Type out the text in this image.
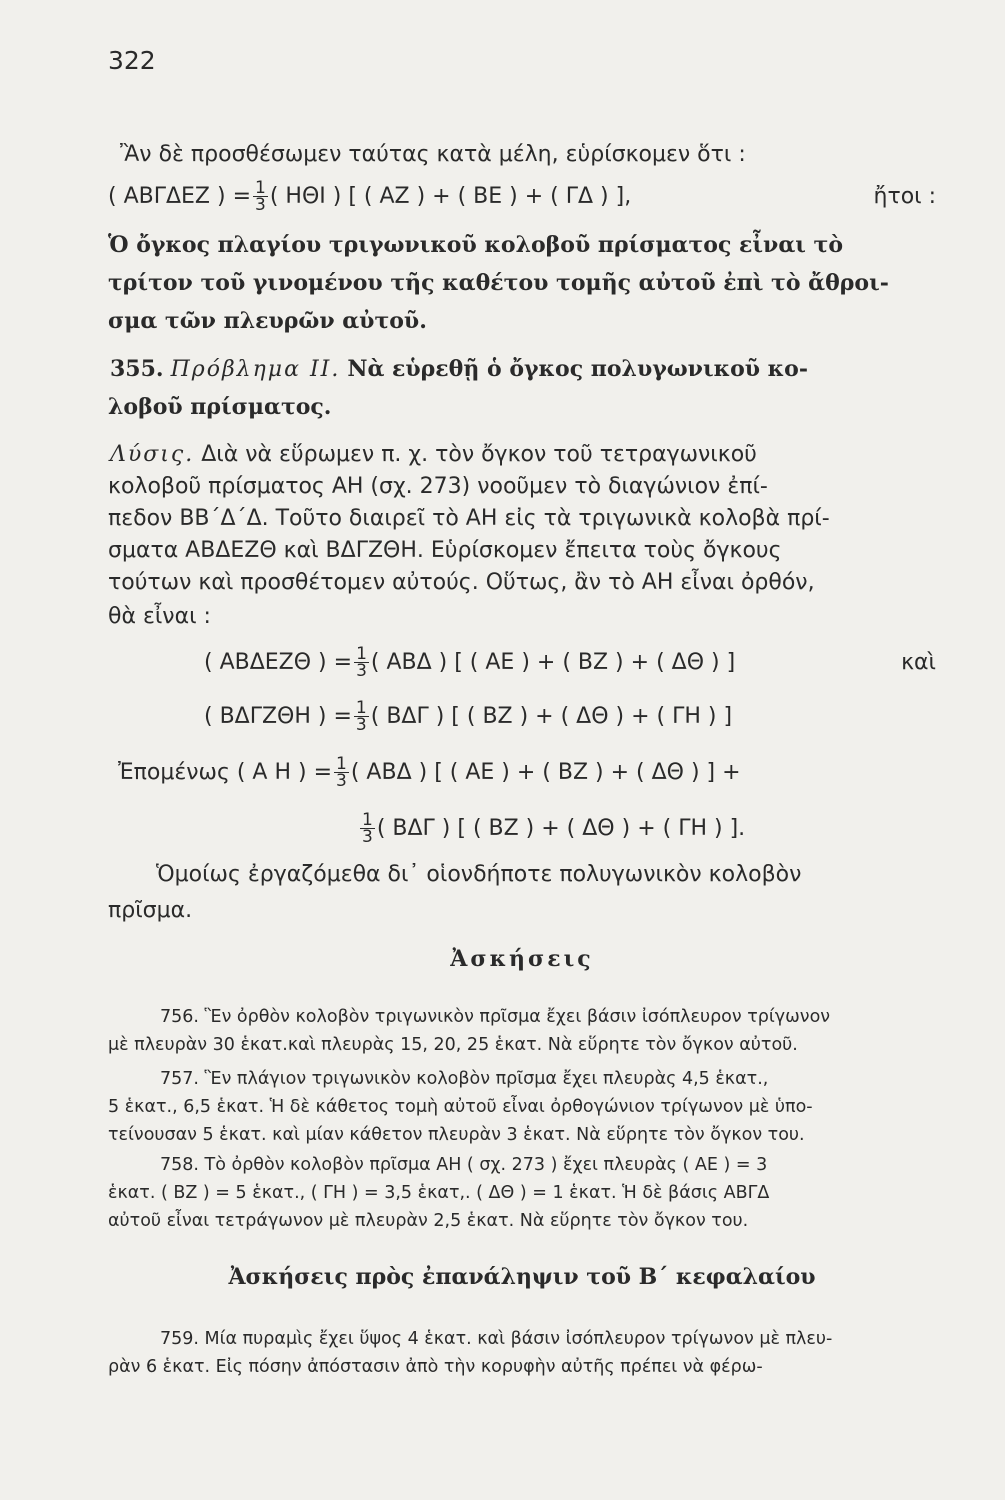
322
Ἂν δὲ προσθέσωμεν ταύτας κατὰ μέλη, εὑρίσκομεν ὅτι :
( ΑΒΓΔΕΖ ) = $\frac{1}{3}$ ( ΗΘΙ ) [ ( ΑΖ ) + ( ΒΕ ) + ( ΓΔ ) ],	ἤτοι :
Ὁ ὄγκος πλαγίου τριγωνικοῦ κολοβοῦ πρίσματος εἶναι τὸ
τρίτον τοῦ γινομένου τῆς καθέτου τομῆς αὐτοῦ ἐπὶ τὸ ἄθροι-
σμα τῶν πλευρῶν αὐτοῦ.
355. Πρόβλημα ΙΙ. Νὰ εὑρεθῇ ὁ ὄγκος πολυγωνικοῦ κο-
λοβοῦ πρίσματος.
Λύσις. Διὰ νὰ εὕρωμεν π. χ. τὸν ὄγκον τοῦ τετραγωνικοῦ
κολοβοῦ πρίσματος ΑΗ (σχ. 273) νοοῦμεν τὸ διαγώνιον ἐπί-
πεδον ΒΒ΄Δ΄Δ. Τοῦτο διαιρεῖ τὸ ΑΗ εἰς τὰ τριγωνικὰ κολοβὰ πρί-
σματα ΑΒΔΕΖΘ καὶ ΒΔΓΖΘΗ. Εὑρίσκομεν ἔπειτα τοὺς ὄγκους
τούτων καὶ προσθέτομεν αὐτούς. Οὕτως, ἂν τὸ ΑΗ εἶναι ὀρθόν,
θὰ εἶναι :
( ΑΒΔΕΖΘ ) = $\frac{1}{3}$ ( ΑΒΔ ) [ ( ΑΕ ) + ( ΒΖ ) + ( ΔΘ ) ]	καὶ
( ΒΔΓΖΘΗ ) = $\frac{1}{3}$ ( ΒΔΓ ) [ ( ΒΖ ) + ( ΔΘ ) + ( ΓΗ ) ]
Ἐπομένως ( Α Η ) = $\frac{1}{3}$ ( ΑΒΔ ) [ ( ΑΕ ) + ( ΒΖ ) + ( ΔΘ ) ] +
$\frac{1}{3}$ ( ΒΔΓ ) [ ( ΒΖ ) + ( ΔΘ ) + ( ΓΗ ) ].
Ὁμοίως ἐργαζόμεθα δι᾽ οἱονδήποτε πολυγωνικὸν κολοβὸν
πρῖσμα.
Ἀσκήσεις
756. Ἓν ὀρθὸν κολοβὸν τριγωνικὸν πρῖσμα ἔχει βάσιν ἰσόπλευρον τρίγωνον
μὲ πλευρὰν 30 ἑκατ.καὶ πλευρὰς 15, 20, 25 ἑκατ. Νὰ εὕρητε τὸν ὄγκον αὐτοῦ.
757. Ἓν πλάγιον τριγωνικὸν κολοβὸν πρῖσμα ἔχει πλευρὰς 4,5 ἑκατ.,
5 ἑκατ., 6,5 ἑκατ. Ἡ δὲ κάθετος τομὴ αὐτοῦ εἶναι ὀρθογώνιον τρίγωνον μὲ ὑπο-
τείνουσαν 5 ἑκατ. καὶ μίαν κάθετον πλευρὰν 3 ἑκατ. Νὰ εὕρητε τὸν ὄγκον του.
758. Τὸ ὀρθὸν κολοβὸν πρῖσμα ΑΗ ( σχ. 273 ) ἔχει πλευρὰς ( ΑΕ ) = 3
ἑκατ. ( ΒΖ ) = 5 ἑκατ., ( ΓΗ ) = 3,5 ἑκατ,. ( ΔΘ ) = 1 ἑκατ. Ἡ δὲ βάσις ΑΒΓΔ
αὐτοῦ εἶναι τετράγωνον μὲ πλευρὰν 2,5 ἑκατ. Νὰ εὕρητε τὸν ὄγκον του.
Ἀσκήσεις πρὸς ἐπανάληψιν τοῦ Β΄ κεφαλαίου
759. Μία πυραμὶς ἔχει ὕψος 4 ἑκατ. καὶ βάσιν ἰσόπλευρον τρίγωνον μὲ πλευ-
ρὰν 6 ἑκατ. Εἰς πόσην ἀπόστασιν ἀπὸ τὴν κορυφὴν αὐτῆς πρέπει νὰ φέρω-
